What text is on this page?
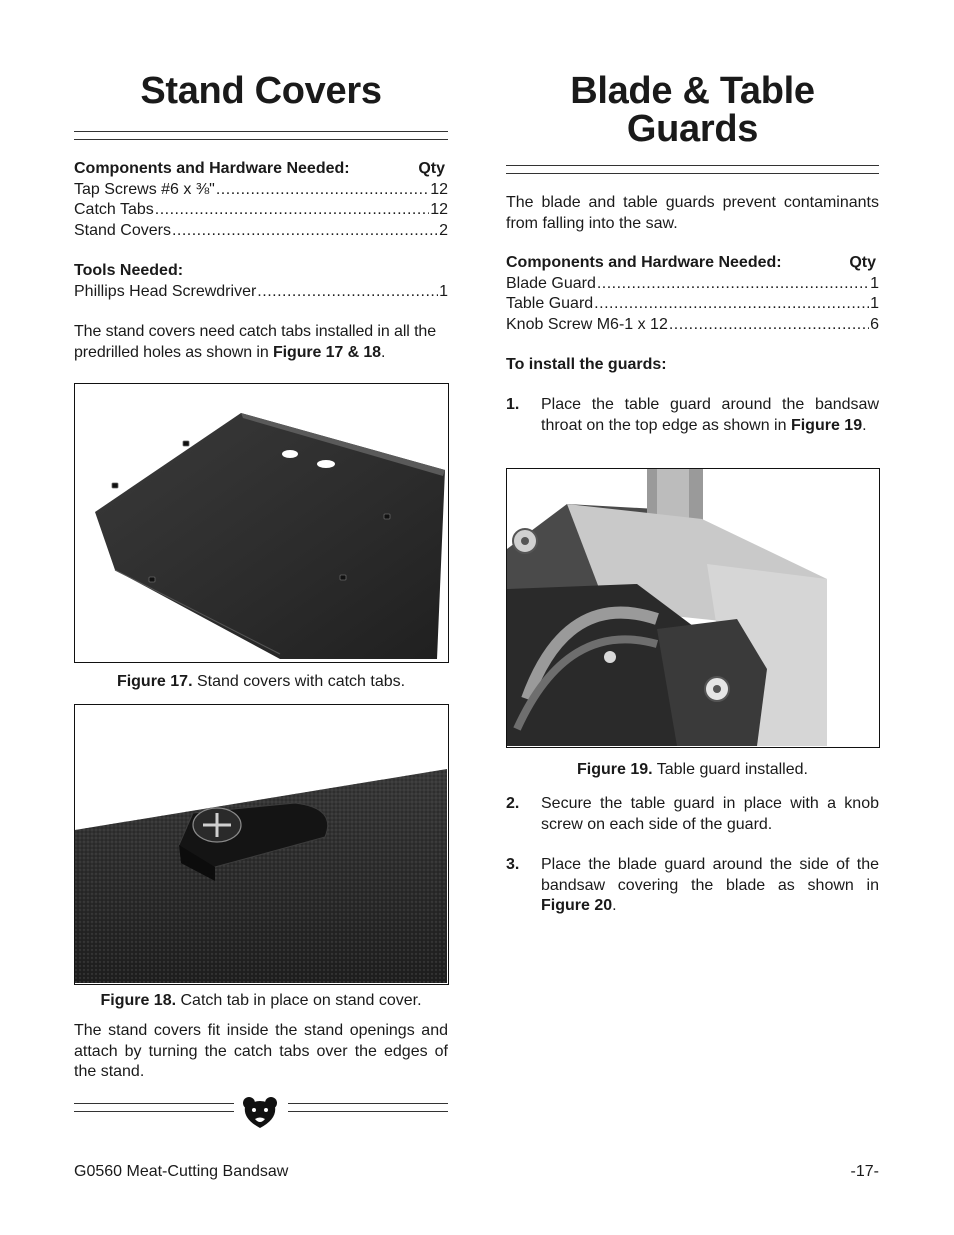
Stand Covers
Components and Hardware Needed:	Qty
Tap Screws #6 x ⅜" .....	12
Catch Tabs .....	12
Stand Covers .....	2
Tools Needed:
Phillips Head Screwdriver .....	1

The stand covers need catch tabs installed in all the predrilled holes as shown in Figure 17 & 18.

Figure 17. Stand covers with catch tabs.
Figure 18. Catch tab in place on stand cover.

The stand covers fit inside the stand openings and attach by turning the catch tabs over the edges of the stand.

Blade & Table
Guards

The blade and table guards prevent contaminants from falling into the saw.

Components and Hardware Needed:	Qty
Blade Guard .....	1
Table Guard .....	1
Knob Screw M6-1 x 12 .....	6
To install the guards:
1. Place the table guard around the bandsaw throat on the top edge as shown in Figure 19.

Figure 19. Table guard installed.
2. Secure the table guard in place with a knob screw on each side of the guard.

3. Place the blade guard around the side of the bandsaw covering the blade as shown in Figure 20.

G0560 Meat-Cutting Bandsaw	-17-
